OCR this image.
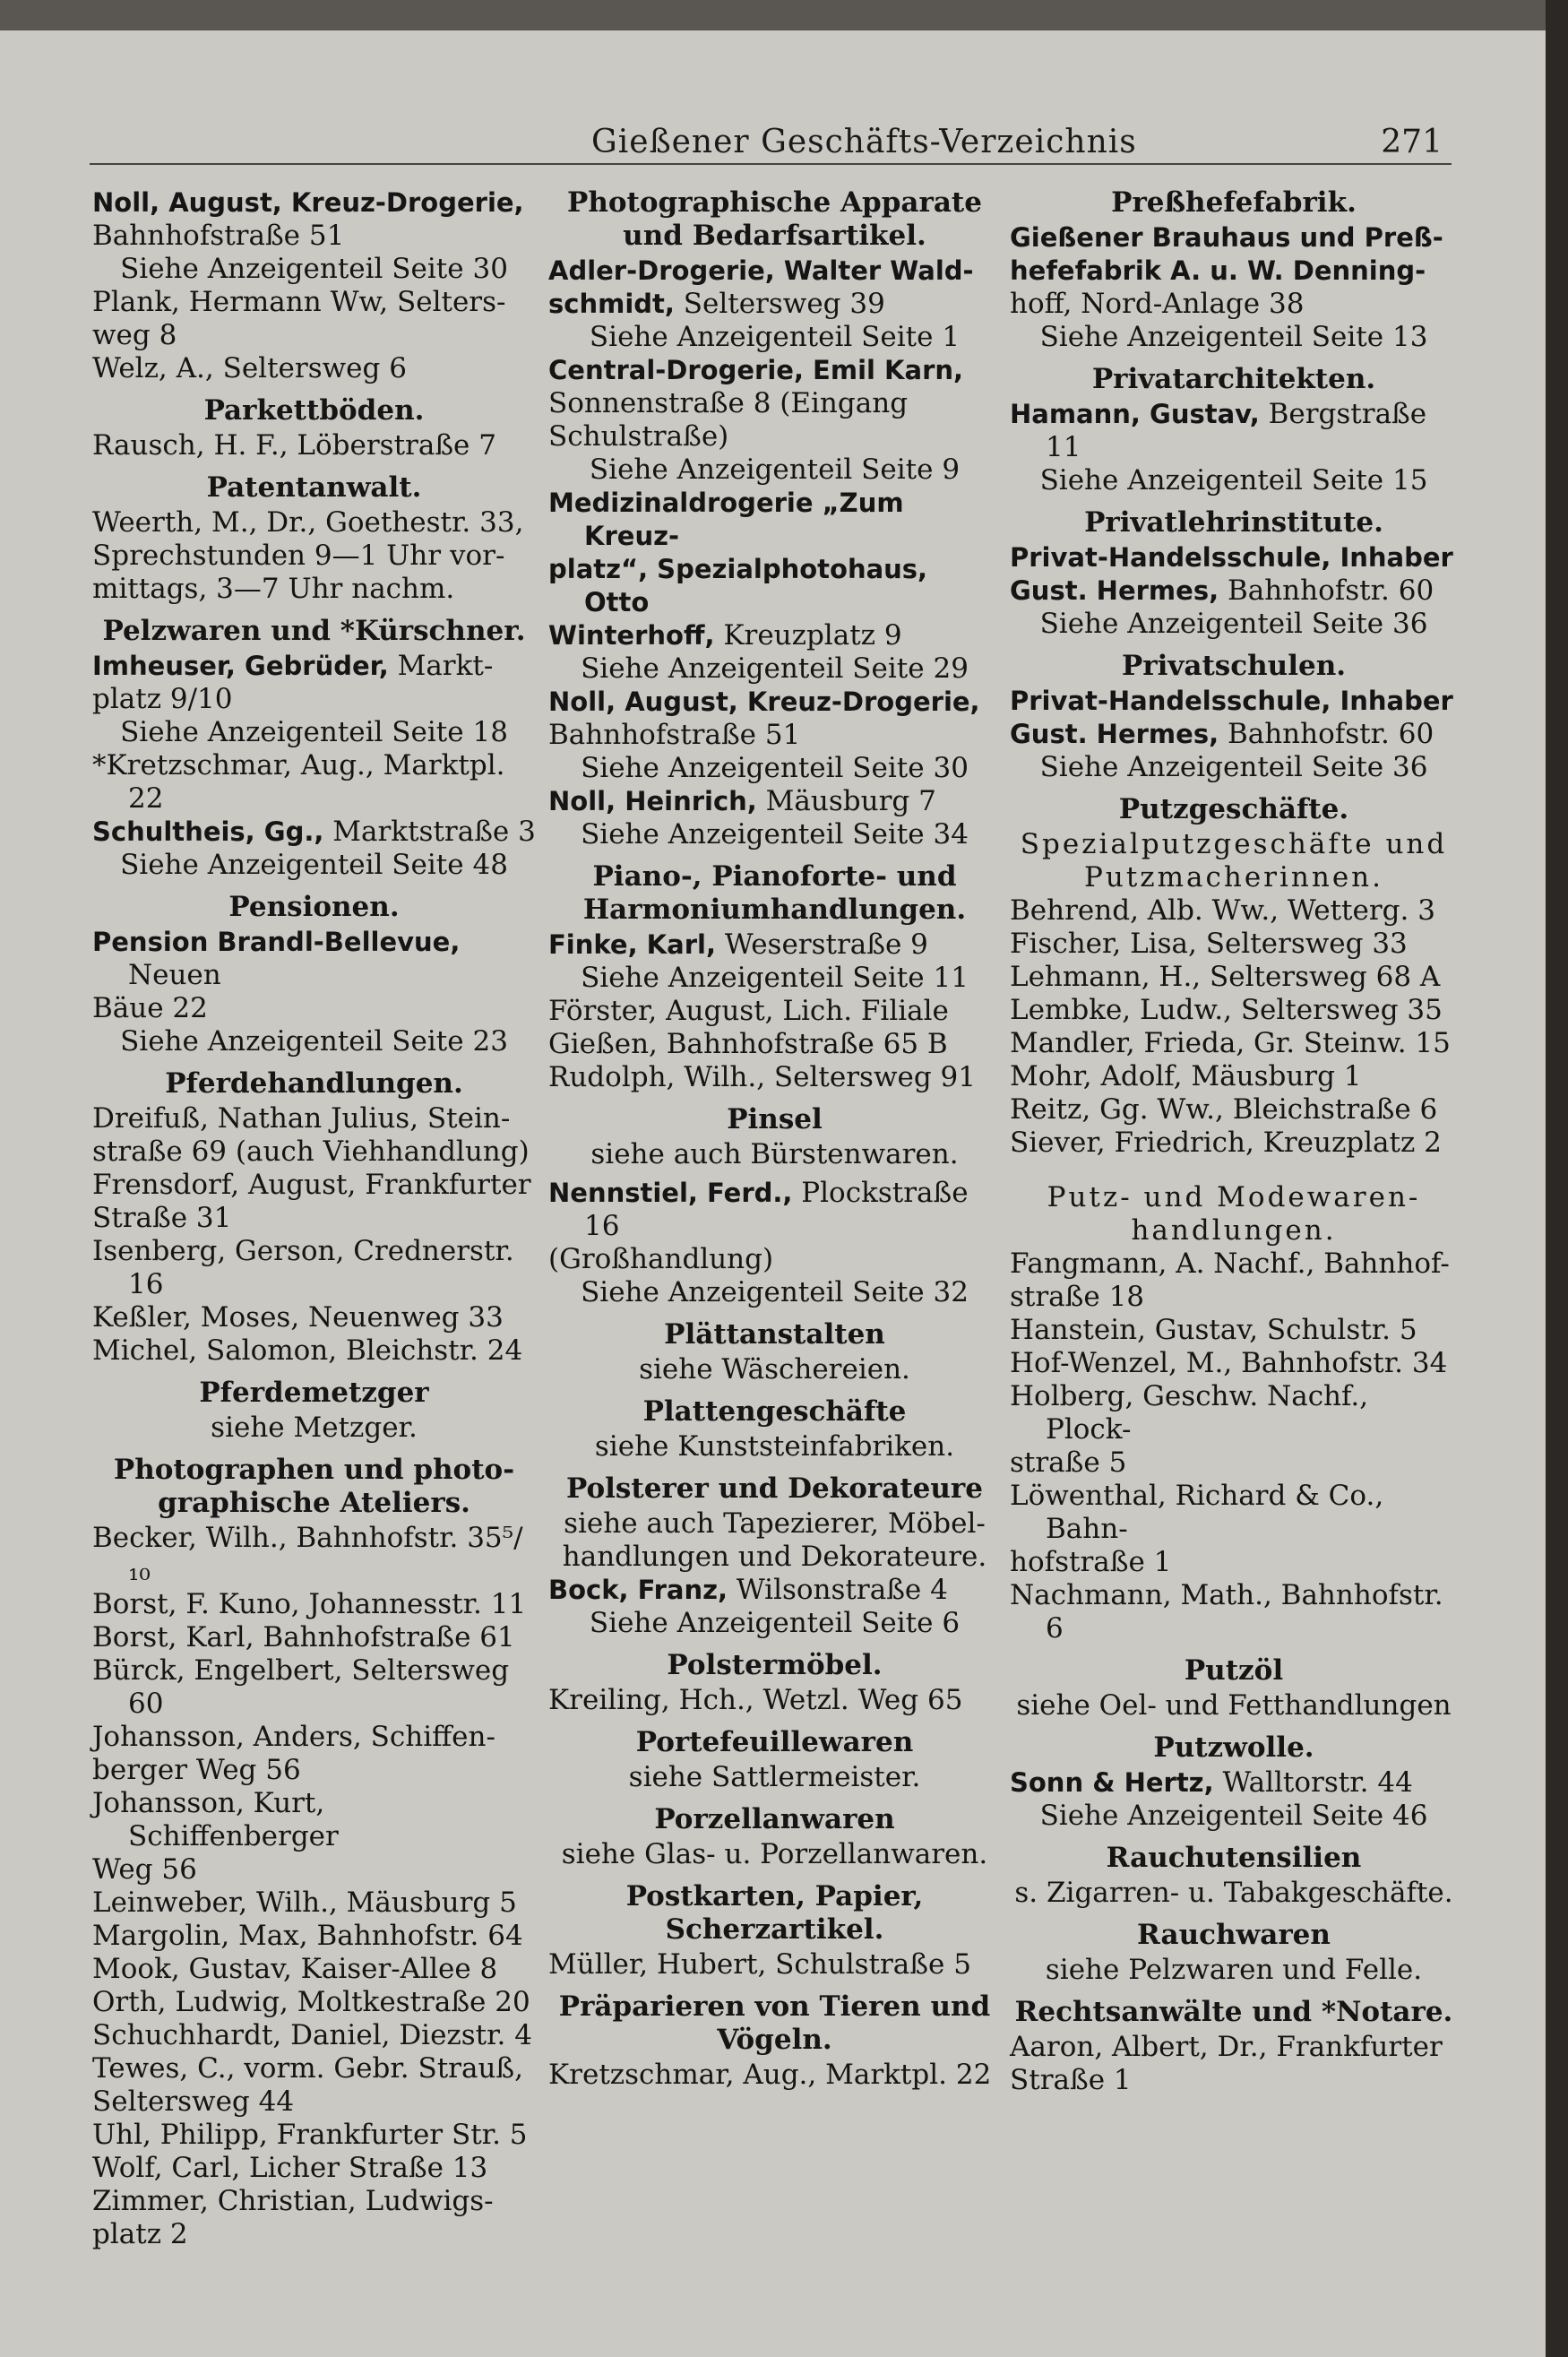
Gießener Geschäfts-Verzeichnis	271
Noll, August, Kreuz-Drogerie,
Bahnhofstraße 51
Siehe Anzeigenteil Seite 30
Plank, Hermann Ww, Selters-
weg 8
Welz, A., Seltersweg 6
Parkettböden.
Rausch, H. F., Löberstraße 7
Patentanwalt.
Weerth, M., Dr., Goethestr. 33,
Sprechstunden 9—1 Uhr vor-
mittags, 3—7 Uhr nachm.
Pelzwaren und *Kürschner.
Imheuser, Gebrüder, Markt-
platz 9/10
Siehe Anzeigenteil Seite 18
*Kretzschmar, Aug., Marktpl. 22
Schultheis, Gg., Marktstraße 3
Siehe Anzeigenteil Seite 48
Pensionen.
Pension Brandl-Bellevue, Neuen
Bäue 22
Siehe Anzeigenteil Seite 23
Pferdehandlungen.
Dreifuß, Nathan Julius, Stein-
straße 69 (auch Viehhandlung)
Frensdorf, August, Frankfurter
Straße 31
Isenberg, Gerson, Crednerstr. 16
Keßler, Moses, Neuenweg 33
Michel, Salomon, Bleichstr. 24
Pferdemetzger
siehe Metzger.
Photographen und photo-
graphische Ateliers.
Becker, Wilh., Bahnhofstr. 35⁵/₁₀
Borst, F. Kuno, Johannesstr. 11
Borst, Karl, Bahnhofstraße 61
Bürck, Engelbert, Seltersweg 60
Johansson, Anders, Schiffen-
berger Weg 56
Johansson, Kurt, Schiffenberger
Weg 56
Leinweber, Wilh., Mäusburg 5
Margolin, Max, Bahnhofstr. 64
Mook, Gustav, Kaiser-Allee 8
Orth, Ludwig, Moltkestraße 20
Schuchhardt, Daniel, Diezstr. 4
Tewes, C., vorm. Gebr. Strauß,
Seltersweg 44
Uhl, Philipp, Frankfurter Str. 5
Wolf, Carl, Licher Straße 13
Zimmer, Christian, Ludwigs-
platz 2
Photographische Apparate
und Bedarfsartikel.
Adler-Drogerie, Walter Wald-
schmidt, Seltersweg 39
Siehe Anzeigenteil Seite 1
Central-Drogerie, Emil Karn,
Sonnenstraße 8 (Eingang
Schulstraße)
Siehe Anzeigenteil Seite 9
Medizinaldrogerie „Zum Kreuz-
platz“, Spezialphotohaus, Otto
Winterhoff, Kreuzplatz 9
Siehe Anzeigenteil Seite 29
Noll, August, Kreuz-Drogerie,
Bahnhofstraße 51
Siehe Anzeigenteil Seite 30
Noll, Heinrich, Mäusburg 7
Siehe Anzeigenteil Seite 34
Piano-, Pianoforte- und
Harmoniumhandlungen.
Finke, Karl, Weserstraße 9
Siehe Anzeigenteil Seite 11
Förster, August, Lich. Filiale
Gießen, Bahnhofstraße 65 B
Rudolph, Wilh., Seltersweg 91
Pinsel
siehe auch Bürstenwaren.
Nennstiel, Ferd., Plockstraße 16
(Großhandlung)
Siehe Anzeigenteil Seite 32
Plättanstalten
siehe Wäschereien.
Plattengeschäfte
siehe Kunststeinfabriken.
Polsterer und Dekorateure
siehe auch Tapezierer, Möbel-
handlungen und Dekorateure.
Bock, Franz, Wilsonstraße 4
Siehe Anzeigenteil Seite 6
Polstermöbel.
Kreiling, Hch., Wetzl. Weg 65
Portefeuillewaren
siehe Sattlermeister.
Porzellanwaren
siehe Glas- u. Porzellanwaren.
Postkarten, Papier,
Scherzartikel.
Müller, Hubert, Schulstraße 5
Präparieren von Tieren und
Vögeln.
Kretzschmar, Aug., Marktpl. 22
Preßhefefabrik.
Gießener Brauhaus und Preß-
hefefabrik A. u. W. Denning-
hoff, Nord-Anlage 38
Siehe Anzeigenteil Seite 13
Privatarchitekten.
Hamann, Gustav, Bergstraße 11
Siehe Anzeigenteil Seite 15
Privatlehrinstitute.
Privat-Handelsschule, Inhaber
Gust. Hermes, Bahnhofstr. 60
Siehe Anzeigenteil Seite 36
Privatschulen.
Privat-Handelsschule, Inhaber
Gust. Hermes, Bahnhofstr. 60
Siehe Anzeigenteil Seite 36
Putzgeschäfte.
Spezialputzgeschäfte und
Putzmacherinnen.
Behrend, Alb. Ww., Wetterg. 3
Fischer, Lisa, Seltersweg 33
Lehmann, H., Seltersweg 68 A
Lembke, Ludw., Seltersweg 35
Mandler, Frieda, Gr. Steinw. 15
Mohr, Adolf, Mäusburg 1
Reitz, Gg. Ww., Bleichstraße 6
Siever, Friedrich, Kreuzplatz 2
Putz- und Modewaren-
handlungen.
Fangmann, A. Nachf., Bahnhof-
straße 18
Hanstein, Gustav, Schulstr. 5
Hof-Wenzel, M., Bahnhofstr. 34
Holberg, Geschw. Nachf., Plock-
straße 5
Löwenthal, Richard & Co., Bahn-
hofstraße 1
Nachmann, Math., Bahnhofstr. 6
Putzöl
siehe Oel- und Fetthandlungen
Putzwolle.
Sonn & Hertz, Walltorstr. 44
Siehe Anzeigenteil Seite 46
Rauchutensilien
s. Zigarren- u. Tabakgeschäfte.
Rauchwaren
siehe Pelzwaren und Felle.
Rechtsanwälte und *Notare.
Aaron, Albert, Dr., Frankfurter
Straße 1
